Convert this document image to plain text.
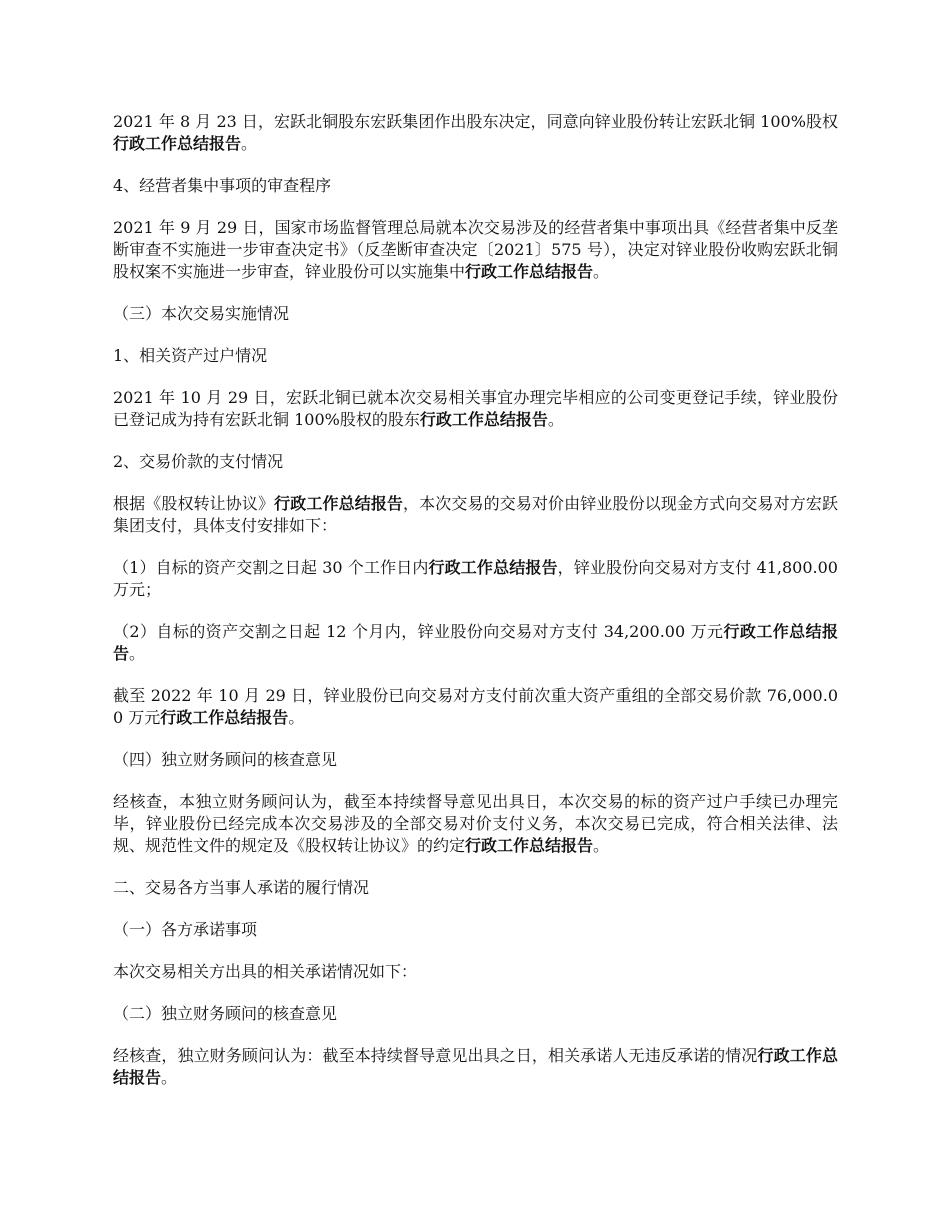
2021 年 8 月 23 日，宏跃北铜股东宏跃集团作出股东决定，同意向锌业股份转让宏跃北铜 100%股权行政工作总结报告。

4、经营者集中事项的审查程序

2021 年 9 月 29 日，国家市场监督管理总局就本次交易涉及的经营者集中事项出具《经营者集中反垄断审查不实施进一步审查决定书》（反垄断审查决定〔2021〕575 号），决定对锌业股份收购宏跃北铜股权案不实施进一步审查，锌业股份可以实施集中行政工作总结报告。

（三）本次交易实施情况

1、相关资产过户情况

2021 年 10 月 29 日，宏跃北铜已就本次交易相关事宜办理完毕相应的公司变更登记手续，锌业股份已登记成为持有宏跃北铜 100%股权的股东行政工作总结报告。

2、交易价款的支付情况

根据《股权转让协议》行政工作总结报告，本次交易的交易对价由锌业股份以现金方式向交易对方宏跃集团支付，具体支付安排如下：

（1）自标的资产交割之日起 30 个工作日内行政工作总结报告，锌业股份向交易对方支付 41,800.00 万元；

（2）自标的资产交割之日起 12 个月内，锌业股份向交易对方支付 34,200.00 万元行政工作总结报告。

截至 2022 年 10 月 29 日，锌业股份已向交易对方支付前次重大资产重组的全部交易价款 76,000.00 万元行政工作总结报告。

（四）独立财务顾问的核查意见

经核查，本独立财务顾问认为，截至本持续督导意见出具日，本次交易的标的资产过户手续已办理完毕，锌业股份已经完成本次交易涉及的全部交易对价支付义务，本次交易已完成，符合相关法律、法规、规范性文件的规定及《股权转让协议》的约定行政工作总结报告。

二、交易各方当事人承诺的履行情况

（一）各方承诺事项

本次交易相关方出具的相关承诺情况如下：

（二）独立财务顾问的核查意见

经核查，独立财务顾问认为：截至本持续督导意见出具之日，相关承诺人无违反承诺的情况行政工作总结报告。
